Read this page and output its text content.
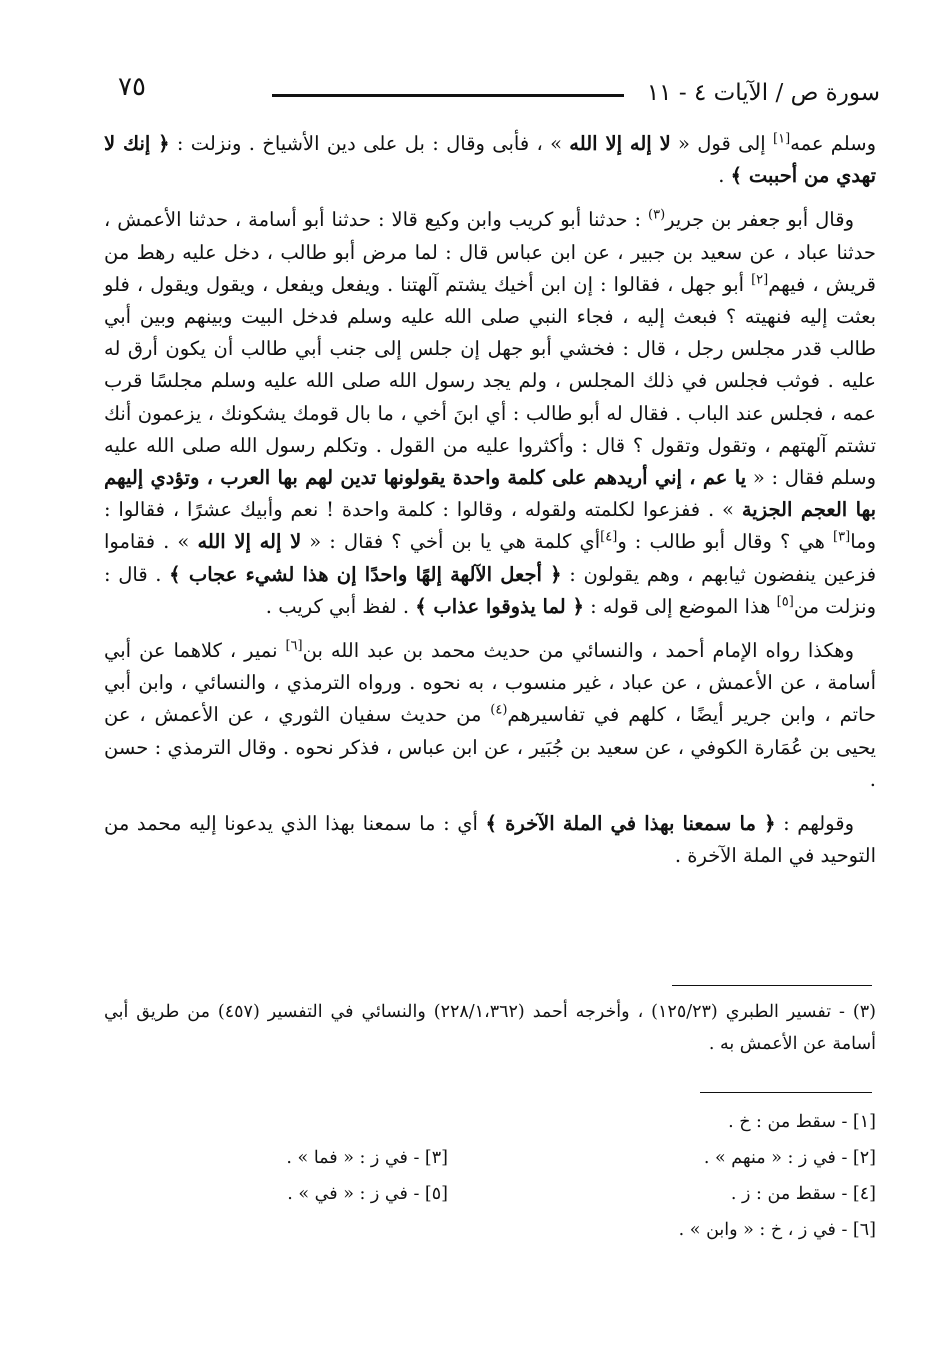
٧٥	سورة ص / الآيات ٤ - ١١

وسلم عمه[١] إلى قول « لا إله إلا الله » ، فأبى وقال : بل على دين الأشياخ . ونزلت : ﴿ إنك لا تهدي من أحببت ﴾ .

وقال أبو جعفر بن جرير$^{(٣)}$ : حدثنا أبو كريب وابن وكيع قالا : حدثنا أبو أسامة ، حدثنا الأعمش ، حدثنا عباد ، عن سعيد بن جبير ، عن ابن عباس قال : لما مرض أبو طالب ، دخل عليه رهط من قريش ، فيهم[٢] أبو جهل ، فقالوا : إن ابن أخيك يشتم آلهتنا . ويفعل ويفعل ، ويقول ويقول ، فلو بعثت إليه فنهيته ؟ فبعث إليه ، فجاء النبي صلى الله عليه وسلم فدخل البيت وبينهم وبين أبي طالب قدر مجلس رجل ، قال : فخشي أبو جهل إن جلس إلى جنب أبي طالب أن يكون أرق له عليه . فوثب فجلس في ذلك المجلس ، ولم يجد رسول الله صلى الله عليه وسلم مجلسًا قرب عمه ، فجلس عند الباب . فقال له أبو طالب : أي ابنَ أخي ، ما بال قومك يشكونك ، يزعمون أنك تشتم آلهتهم ، وتقول وتقول ؟ قال : وأكثروا عليه من القول . وتكلم رسول الله صلى الله عليه وسلم فقال : « يا عم ، إني أريدهم على كلمة واحدة يقولونها تدين لهم بها العرب ، وتؤدي إليهم بها العجم الجزية » . ففزعوا لكلمته ولقوله ، وقالوا : كلمة واحدة ! نعم وأبيك عشرًا ، فقالوا : وما[٣] هي ؟ وقال أبو طالب : و[٤]أي كلمة هي يا بن أخي ؟ فقال : « لا إله إلا الله » . فقاموا فزعين ينفضون ثيابهم ، وهم يقولون : ﴿ أجعل الآلهة إلهًا واحدًا إن هذا لشيء عجاب ﴾ . قال : ونزلت من[٥] هذا الموضع إلى قوله : ﴿ لما يذوقوا عذاب ﴾ . لفظ أبي كريب .

وهكذا رواه الإمام أحمد ، والنسائي من حديث محمد بن عبد الله بن[٦] نمير ، كلاهما عن أبي أسامة ، عن الأعمش ، عن عباد ، غير منسوب ، به نحوه . ورواه الترمذي ، والنسائي ، وابن أبي حاتم ، وابن جرير أيضًا ، كلهم في تفاسيرهم$^{(٤)}$ من حديث سفيان الثوري ، عن الأعمش ، عن يحيى بن عُمَارة الكوفي ، عن سعيد بن جُبَير ، عن ابن عباس ، فذكر نحوه . وقال الترمذي : حسن .

وقولهم : ﴿ ما سمعنا بهذا في الملة الآخرة ﴾ أي : ما سمعنا بهذا الذي يدعونا إليه محمد من التوحيد في الملة الآخرة .

(٣) - تفسير الطبري (١٢٥/٢٣) ، وأخرجه أحمد (٢٢٨/١،٣٦٢) والنسائي في التفسير (٤٥٧) من طريق أبي أسامة عن الأعمش به .
[١] - سقط من : خ .
[٢] - في ز : « منهم » .
[٤] - سقط من : ز .
[٦] - في ز ، خ : « وابن » .
[٣] - في ز : « فما » .
[٥] - في ز : « في » .
